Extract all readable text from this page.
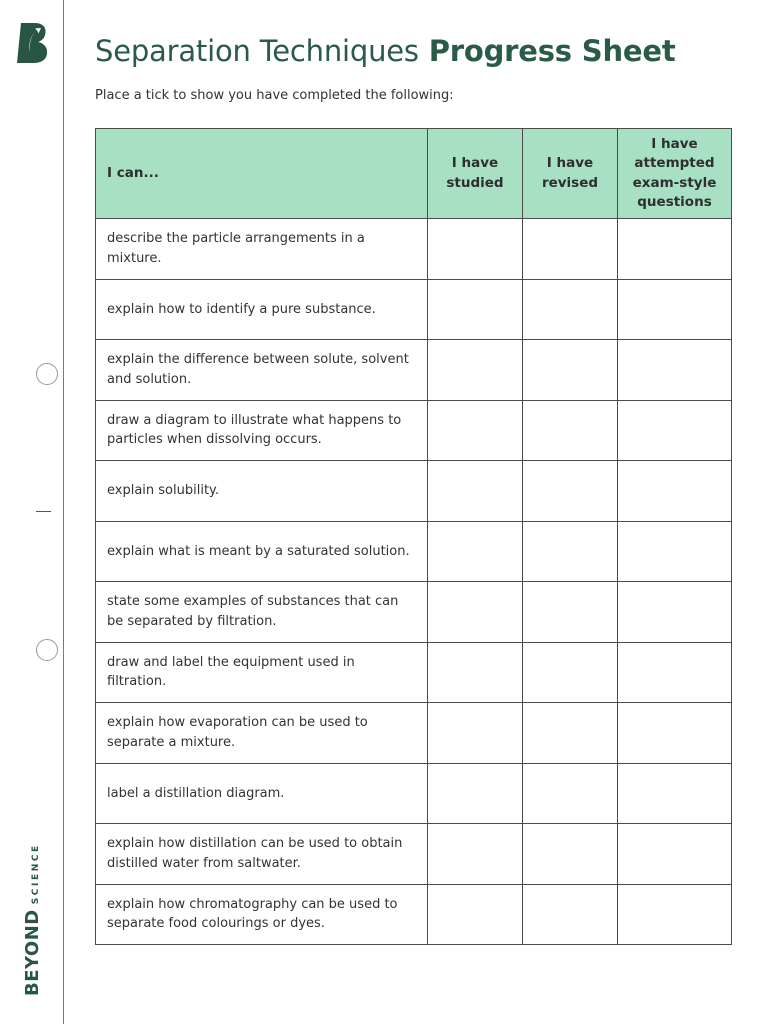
BEYOND
SCIENCE
Separation Techniques Progress Sheet

Place a tick to show you have completed the following:

I can...	I have studied	I have revised	I have attempted exam-style questions
describe the particle arrangements in a mixture.			
explain how to identify a pure substance.			
explain the difference between solute, solvent and solution.			
draw a diagram to illustrate what happens to particles when dissolving occurs.			
explain solubility.			
explain what is meant by a saturated solution.			
state some examples of substances that can be separated by filtration.			
draw and label the equipment used in filtration.			
explain how evaporation can be used to separate a mixture.			
label a distillation diagram.			
explain how distillation can be used to obtain distilled water from saltwater.			
explain how chromatography can be used to separate food colourings or dyes.			
